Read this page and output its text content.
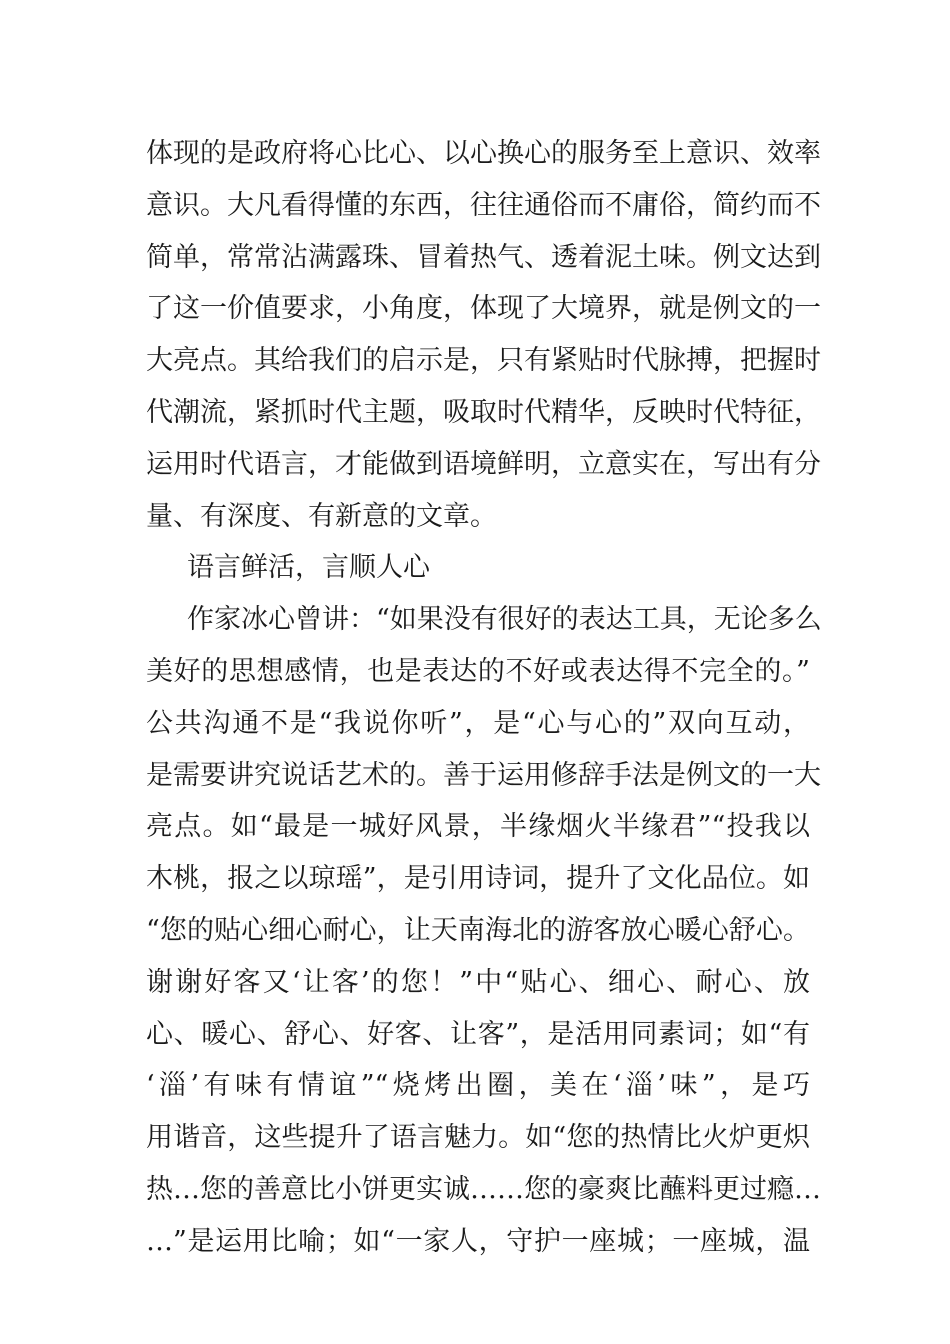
体现的是政府将心比心、以心换心的服务至上意识、效率
意识。大凡看得懂的东西，往往通俗而不庸俗，简约而不
简单，常常沾满露珠、冒着热气、透着泥土味。例文达到
了这一价值要求，小角度，体现了大境界，就是例文的一
大亮点。其给我们的启示是，只有紧贴时代脉搏，把握时
代潮流，紧抓时代主题，吸取时代精华，反映时代特征，
运用时代语言，才能做到语境鲜明，立意实在，写出有分
量、有深度、有新意的文章。
语言鲜活，言顺人心
作家冰心曾讲：“如果没有很好的表达工具，无论多么
美好的思想感情，也是表达的不好或表达得不完全的。”
公共沟通不是“我说你听”，是“心与心的”双向互动，
是需要讲究说话艺术的。善于运用修辞手法是例文的一大
亮点。如“最是一城好风景，半缘烟火半缘君”“投我以
木桃，报之以琼瑶”，是引用诗词，提升了文化品位。如
“您的贴心细心耐心，让天南海北的游客放心暖心舒心。
谢谢好客又‘让客’的您！”中“贴心、细心、耐心、放
心、暖心、舒心、好客、让客”，是活用同素词；如“有
‘淄’有味有情谊”“烧烤出圈，美在‘淄’味”，是巧
用谐音，这些提升了语言魅力。如“您的热情比火炉更炽
热…您的善意比小饼更实诚……您的豪爽比蘸料更过瘾…
…”是运用比喻；如“一家人，守护一座城；一座城，温
